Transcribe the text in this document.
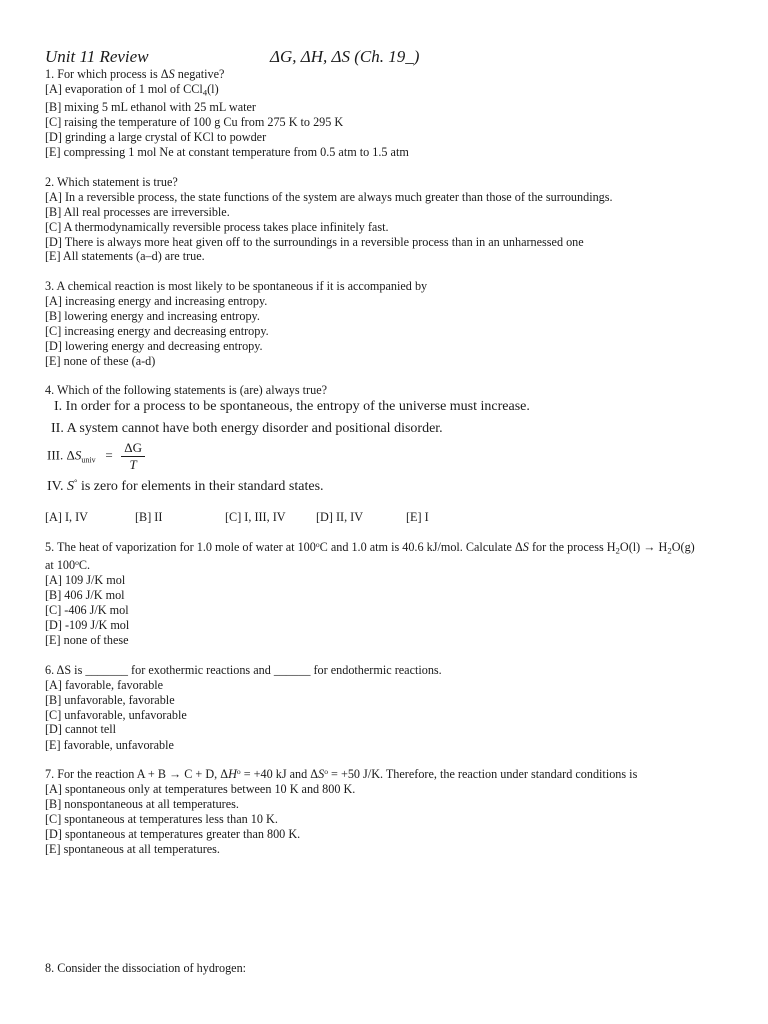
Unit 11 Review	ΔG, ΔH, ΔS (Ch. 19_)
1. For which process is ΔS negative?
[A] evaporation of 1 mol of CCl$_4$(l)
[B] mixing 5 mL ethanol with 25 mL water
[C] raising the temperature of 100 g Cu from 275 K to 295 K
[D] grinding a large crystal of KCl to powder
[E] compressing 1 mol Ne at constant temperature from 0.5 atm to 1.5 atm
2. Which statement is true?
[A] In a reversible process, the state functions of the system are always much greater than those of the surroundings.
[B] All real processes are irreversible.
[C] A thermodynamically reversible process takes place infinitely fast.
[D] There is always more heat given off to the surroundings in a reversible process than in an unharnessed one
[E] All statements (a–d) are true.
3. A chemical reaction is most likely to be spontaneous if it is accompanied by
[A] increasing energy and increasing entropy.
[B] lowering energy and increasing entropy.
[C] increasing energy and decreasing entropy.
[D] lowering energy and decreasing entropy.
[E] none of these (a-d)
4. Which of the following statements is (are) always true?
I. In order for a process to be spontaneous, the entropy of the universe must increase.
II. A system cannot have both energy disorder and positional disorder.
III. $\Delta S_{univ} = \frac{\Delta G}{T}$
IV. S° is zero for elements in their standard states.
[A] I, IV	[B] II	[C] I, III, IV [D] II, IV	[E] I
5. The heat of vaporization for 1.0 mole of water at 100$^o$C and 1.0 atm is 40.6 kJ/mol. Calculate ΔS for the process $H_2O(l) \to H_2O(g)$
at 100$^o$C.
[A] 109 J/K mol
[B] 406 J/K mol
[C] -406 J/K mol
[D] -109 J/K mol
[E] none of these
6. ΔS is _______ for exothermic reactions and ______ for endothermic reactions.
[A] favorable, favorable
[B] unfavorable, favorable
[C] unfavorable, unfavorable
[D] cannot tell
[E] favorable, unfavorable
7. For the reaction A + B → C + D, $\Delta H^o = +40$ kJ and $\Delta S^o = +50$ J/K. Therefore, the reaction under standard conditions is
[A] spontaneous only at temperatures between 10 K and 800 K.
[B] nonspontaneous at all temperatures.
[C] spontaneous at temperatures less than 10 K.
[D] spontaneous at temperatures greater than 800 K.
[E] spontaneous at all temperatures.
8. Consider the dissociation of hydrogen:
